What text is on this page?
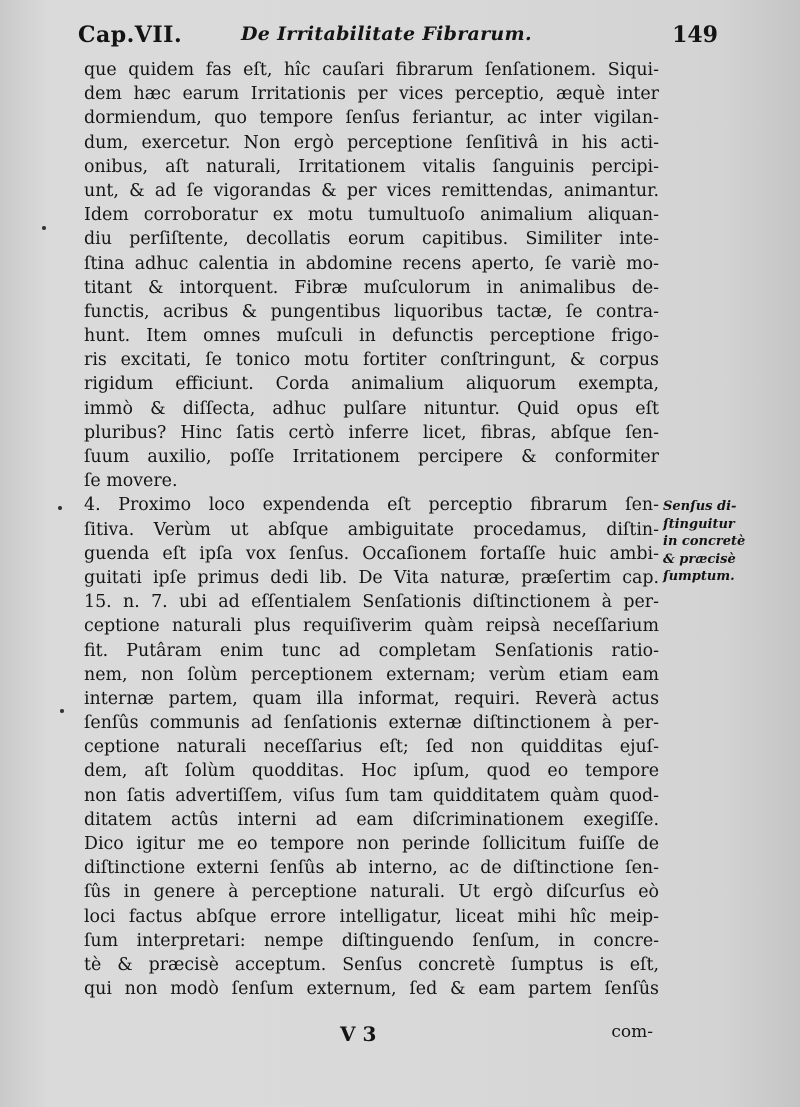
Cap.VII.	De Irritabilitate Fibrarum.	149
que quidem fas eſt, hîc cauſari fibrarum ſenſationem. Siqui-
dem hæc earum Irritationis per vices perceptio, æquè inter
dormiendum, quo tempore ſenſus feriantur, ac inter vigilan-
dum, exercetur. Non ergò perceptione ſenſitivâ in his acti-
onibus, aſt naturali, Irritationem vitalis ſanguinis percipi-
unt, & ad ſe vigorandas & per vices remittendas, animantur.
Idem corroboratur ex motu tumultuoſo animalium aliquan-
diu perſiſtente, decollatis eorum capitibus. Similiter inte-
ſtina adhuc calentia in abdomine recens aperto, ſe variè mo-
titant & intorquent. Fibræ muſculorum in animalibus de-
functis, acribus & pungentibus liquoribus tactæ, ſe contra-
hunt. Item omnes muſculi in defunctis perceptione frigo-
ris excitati, ſe tonico motu fortiter conſtringunt, & corpus
rigidum efficiunt. Corda animalium aliquorum exempta,
immò & diſſecta, adhuc pulſare nituntur. Quid opus eſt
pluribus? Hinc ſatis certò inferre licet, fibras, abſque ſen-
ſuum auxilio, poſſe Irritationem percipere & conformiter
ſe movere.
4. Proximo loco expendenda eſt perceptio fibrarum ſen-
ſitiva. Verùm ut abſque ambiguitate procedamus, diſtin-
guenda eſt ipſa vox ſenſus. Occaſionem fortaſſe huic ambi-
guitati ipſe primus dedi lib. De Vita naturæ, præſertim cap.
15. n. 7. ubi ad eſſentialem Senſationis diſtinctionem à per-
ceptione naturali plus requiſiverim quàm reipsà neceſſarium
fit. Putâram enim tunc ad completam Senſationis ratio-
nem, non ſolùm perceptionem externam; verùm etiam eam
internæ partem, quam illa informat, requiri. Reverà actus
ſenſûs communis ad ſenſationis externæ diſtinctionem à per-
ceptione naturali neceſſarius eſt; ſed non quidditas ejuſ-
dem, aſt ſolùm quodditas. Hoc ipſum, quod eo tempore
non ſatis advertiſſem, viſus ſum tam quidditatem quàm quod-
ditatem actûs interni ad eam diſcriminationem exegiſſe.
Dico igitur me eo tempore non perinde ſollicitum fuiſſe de
diſtinctione externi ſenſûs ab interno, ac de diſtinctione ſen-
ſûs in genere à perceptione naturali. Ut ergò diſcurſus eò
loci factus abſque errore intelligatur, liceat mihi hîc meip-
ſum interpretari: nempe diſtinguendo ſenſum, in concre-
tè & præcisè acceptum. Senſus concretè ſumptus is eſt,
qui non modò ſenſum externum, ſed & eam partem ſenſûs
Senſus di-
ſtinguitur
in concretè
& præcisè
ſumptum.
V 3	com-
